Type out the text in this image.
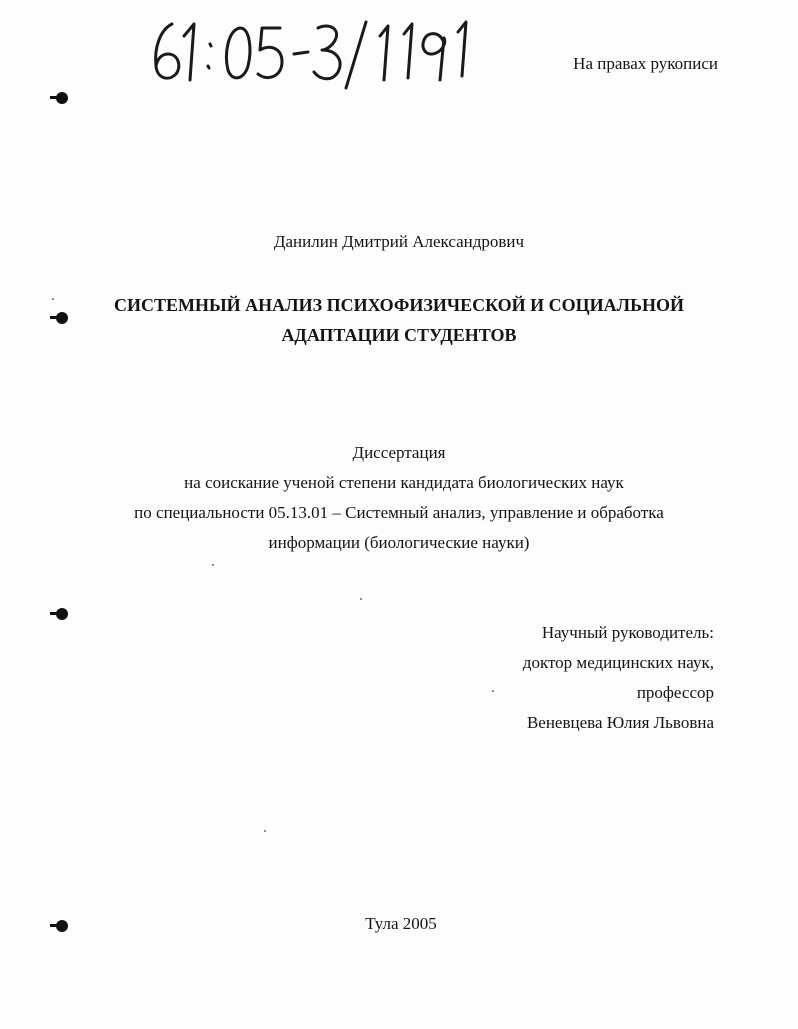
На правах рукописи
Данилин Дмитрий Александрович
СИСТЕМНЫЙ АНАЛИЗ ПСИХОФИЗИЧЕСКОЙ И СОЦИАЛЬНОЙ
АДАПТАЦИИ СТУДЕНТОВ
Диссертация
на соискание ученой степени кандидата биологических наук
по специальности 05.13.01 – Системный анализ, управление и обработка
информации (биологические науки)
Научный руководитель:
доктор медицинских наук,
профессор
Веневцева Юлия Львовна
Тула 2005
